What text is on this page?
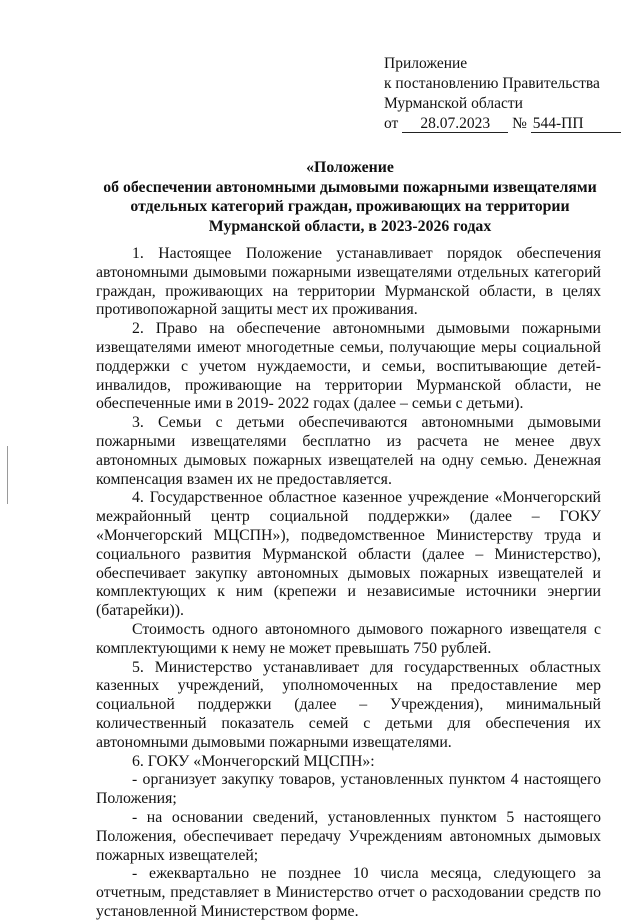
Приложение
к постановлению Правительства
Мурманской области
от 28.07.2023 № 544-ПП
«Положение
об обеспечении автономными дымовыми пожарными извещателями
отдельных категорий граждан, проживающих на территории
Мурманской области, в 2023-2026 годах

1. Настоящее Положение устанавливает порядок обеспечения автономными дымовыми пожарными извещателями отдельных категорий граждан, проживающих на территории Мурманской области, в целях противопожарной защиты мест их проживания.

2. Право на обеспечение автономными дымовыми пожарными извещателями имеют многодетные семьи, получающие меры социальной поддержки с учетом нуждаемости, и семьи, воспитывающие детей-инвалидов, проживающие на территории Мурманской области, не обеспеченные ими в 2019- 2022 годах (далее – семьи с детьми).

3. Семьи с детьми обеспечиваются автономными дымовыми пожарными извещателями бесплатно из расчета не менее двух автономных дымовых пожарных извещателей на одну семью. Денежная компенсация взамен их не предоставляется.

4. Государственное областное казенное учреждение «Мончегорский межрайонный центр социальной поддержки» (далее – ГОКУ «Мончегорский МЦСПН»), подведомственное Министерству труда и социального развития Мурманской области (далее – Министерство), обеспечивает закупку автономных дымовых пожарных извещателей и комплектующих к ним (крепежи и независимые источники энергии (батарейки)).

Стоимость одного автономного дымового пожарного извещателя с комплектующими к нему не может превышать 750 рублей.

5. Министерство устанавливает для государственных областных казенных учреждений, уполномоченных на предоставление мер социальной поддержки (далее – Учреждения), минимальный количественный показатель семей с детьми для обеспечения их автономными дымовыми пожарными извещателями.

6. ГОКУ «Мончегорский МЦСПН»:

- организует закупку товаров, установленных пунктом 4 настоящего Положения;

- на основании сведений, установленных пунктом 5 настоящего Положения, обеспечивает передачу Учреждениям автономных дымовых пожарных извещателей;

- ежеквартально не позднее 10 числа месяца, следующего за отчетным, представляет в Министерство отчет о расходовании средств по установленной Министерством форме.
